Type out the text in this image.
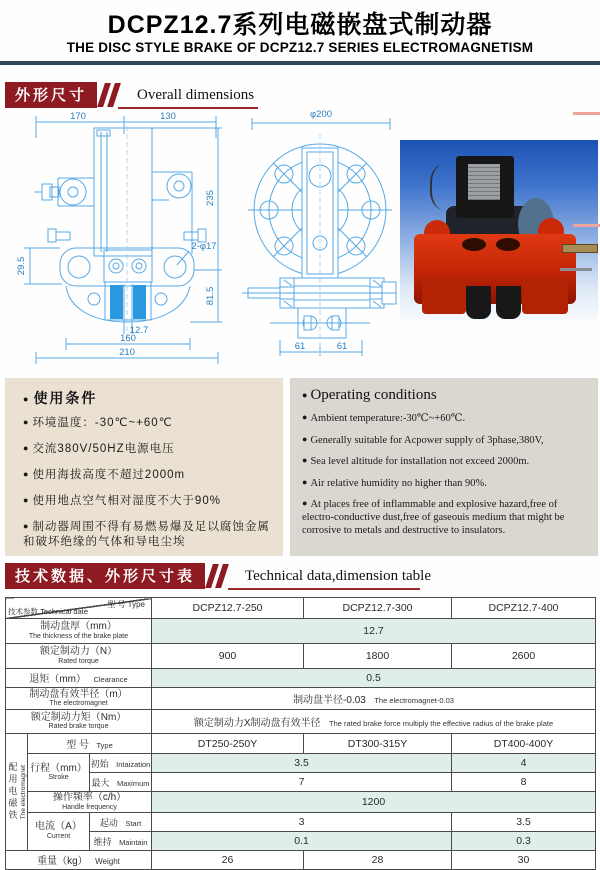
DCPZ12.7系列电磁嵌盘式制动器
THE DISC STYLE BRAKE OF DCPZ12.7 SERIES ELECTROMAGNETISM
外形尺寸	Overall dimensions
170	130
235
29.5
2-φ17
81.5
12.7
160
210
φ200
61	61
● 使用条件
● 环境温度：-30℃~+60℃
● 交流380V/50HZ电源电压
● 使用海拔高度不超过2000m
● 使用地点空气相对湿度不大于90%
● 制动器周围不得有易燃易爆及足以腐蚀金属和破坏绝缘的气体和导电尘埃
● Operating conditions
● Ambient temperature:-30℃~+60℃.
● Generally suitable for Acpower supply of 3phase,380V,
● Sea level altitude for installation not exceed 2000m.
● Air relative humidity no higher than 90%.
● At places free of inflammable and explosive hazard,free of electro-conductive dust,free of gaseouis medium that might be corrosive to metals and destructive to insulators.
技术数据、外形尺寸表	Technical data,dimension table
型 号 Type
技术参数 Technical date			DCPZ12.7-250	DCPZ12.7-300	DCPZ12.7-400

制动盘厚（mm）
The thickness of the brake plate			12.7		

额定制动力（N）
Rated torque			900	1800	2600
退矩（mm） Clearance			0.5		

制动盘有效半径（m）
The electromagnet			制动盘半径-0.03 The electromagnet-0.03		

额定制动力矩（Nm）
Rated brake torque			额定制动力X制动盘有效半径 The rated brake force multiply the effective radius of the brake plate		

配用电磁铁 The electromagnet	型 号 Type		DT250-250Y	DT300-315Y	DT400-400Y

	行程（mm）
Stroke	初始 Intaization	3.5		4
		最大 Maximum	7		8

	操作频率（c/h）
Handle frequency		1200		

	电流（A）
Current	起动 Start	3		3.5
		维持 Maintain	0.1		0.3
重量（kg） Weight			26	28	30
